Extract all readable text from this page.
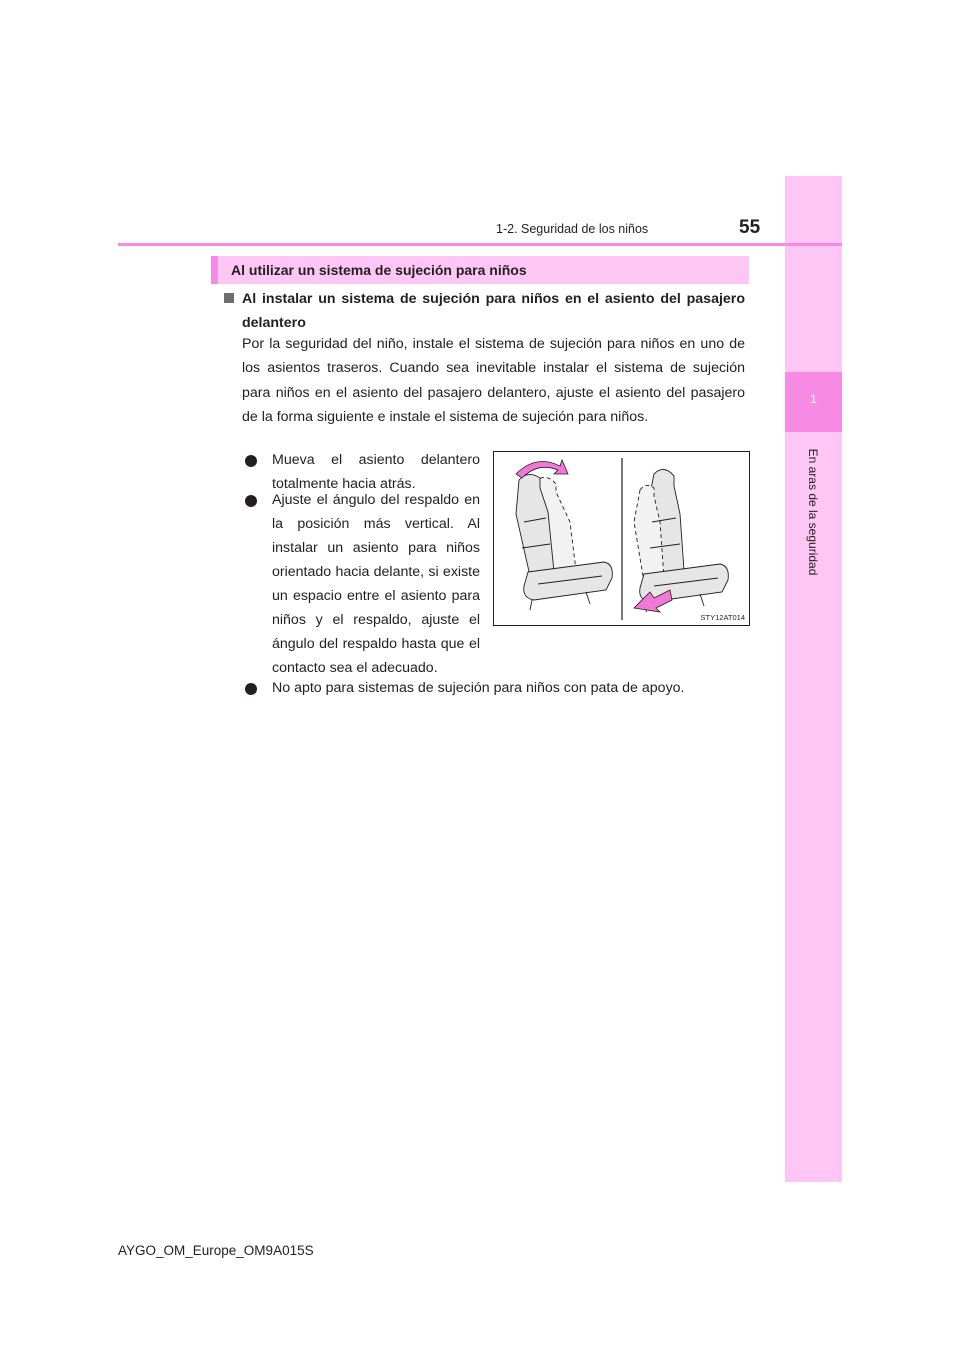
1
En aras de la seguridad
1-2. Seguridad de los niños	55
Al utilizar un sistema de sujeción para niños
Al instalar un sistema de sujeción para niños en el asiento del pasajero delantero
Por la seguridad del niño, instale el sistema de sujeción para niños en uno de los asientos traseros. Cuando sea inevitable instalar el sistema de sujeción para niños en el asiento del pasajero delantero, ajuste el asiento del pasajero de la forma siguiente e instale el sistema de sujeción para niños.
Mueva el asiento delantero totalmente hacia atrás.
Ajuste el ángulo del respaldo en la posición más vertical. Al instalar un asiento para niños orientado hacia delante, si existe un espacio entre el asiento para niños y el respaldo, ajuste el ángulo del respaldo hasta que el contacto sea el adecuado.
No apto para sistemas de sujeción para niños con pata de apoyo.
STY12AT014
AYGO_OM_Europe_OM9A015S
